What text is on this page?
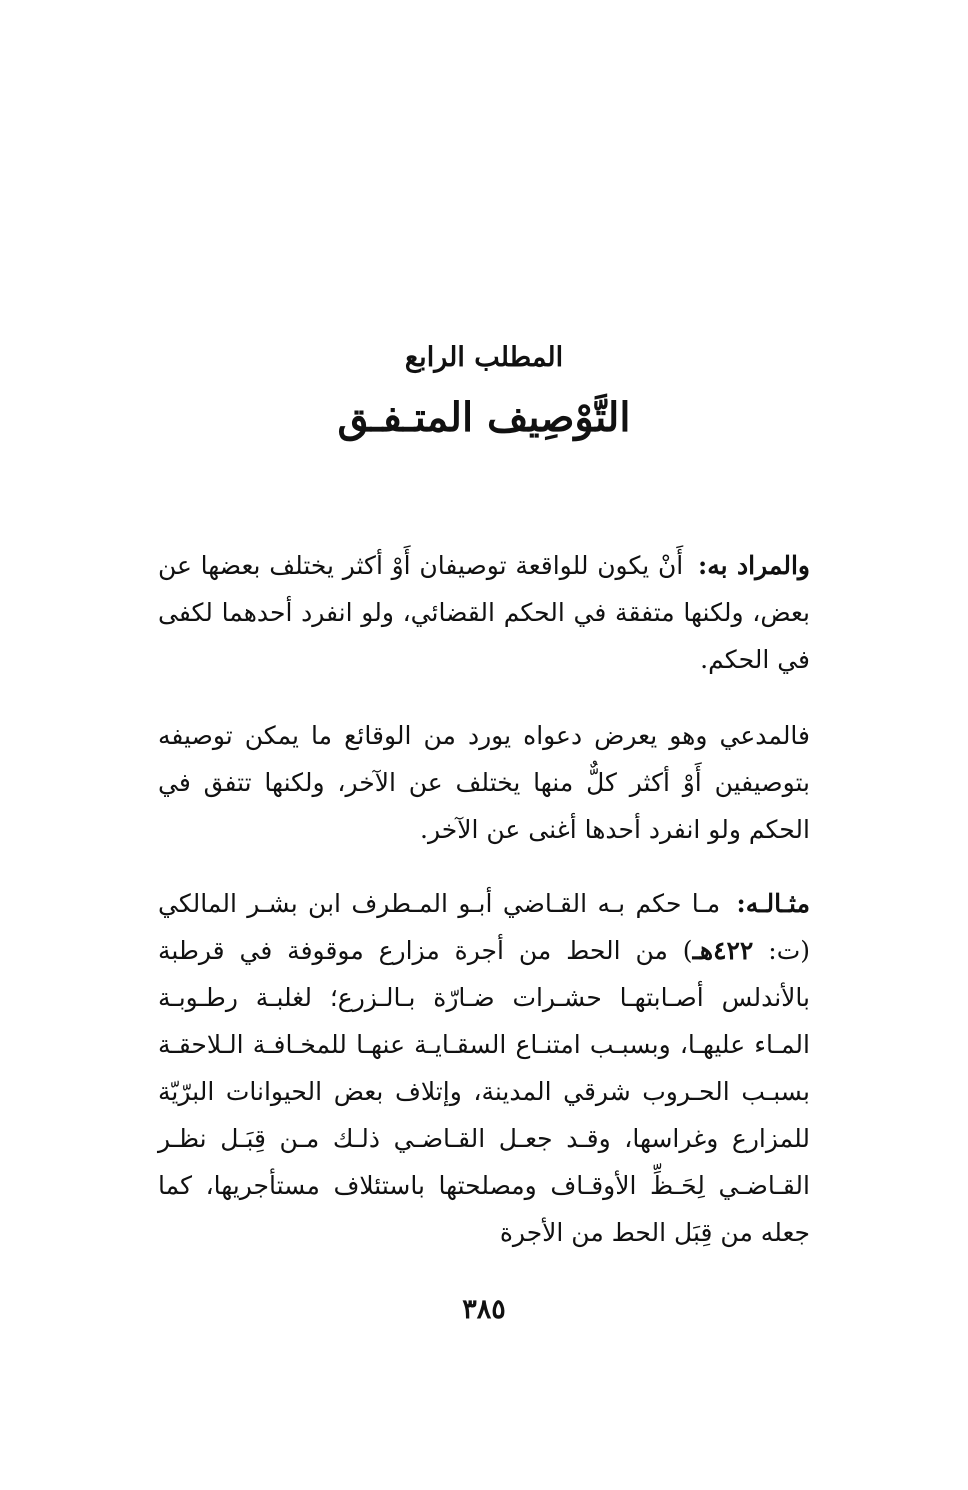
المطلب الرابع
التَّوْصِيف المتـفـق

والمراد به: أَنْ يكون للواقعة توصيفان أَوْ أكثر يختلف بعضها عن بعض، ولكنها متفقة في الحكم القضائي، ولو انفرد أحدهما لكفى في الحكم.

فالمدعي وهو يعرض دعواه يورد من الوقائع ما يمكن توصيفه بتوصيفين أَوْ أكثر كلٌّ منها يختلف عن الآخر، ولكنها تتفق في الحكم ولو انفرد أحدها أغنى عن الآخر.

مثـالـه: مـا حكم بـه القـاضي أبـو المـطرف ابن بشـر المالكي (ت: ٤٢٢هـ) من الحط من أجرة مزارع موقوفة في قرطبة بالأندلس أصـابتهـا حشـرات ضـارّة بـالـزرع؛ لغلبـة رطـوبـة المـاء عليهـا، وبسبـب امتنـاع السقـايـة عنهـا للمخـافـة الـلاحقـة بسبـب الحـروب شرقي المدينة، وإتلاف بعض الحيوانات البرّيّة للمزارع وغراسها، وقـد جعـل القـاضـي ذلـك مـن قِبَـل نظـر القـاضـي لِحَـظِّ الأوقـاف ومصلحتها باستئلاف مستأجريها، كما جعله من قِبَل الحط من الأجرة

٣٨٥
